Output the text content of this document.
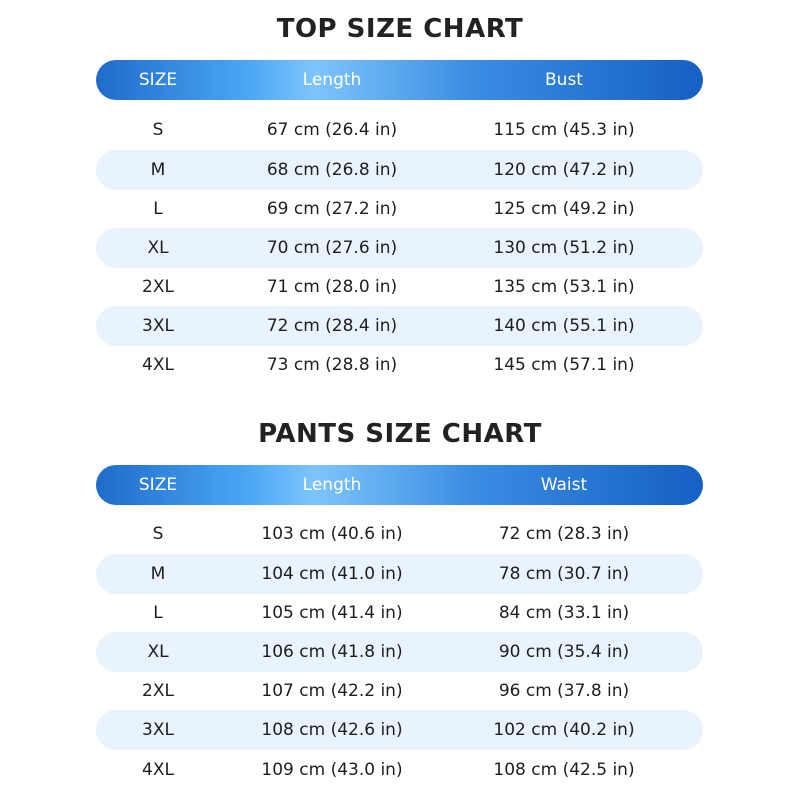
TOP SIZE CHART
SIZE	Length	Bust
S	67 cm (26.4 in)	115 cm (45.3 in)
M	68 cm (26.8 in)	120 cm (47.2 in)
L	69 cm (27.2 in)	125 cm (49.2 in)
XL	70 cm (27.6 in)	130 cm (51.2 in)
2XL	71 cm (28.0 in)	135 cm (53.1 in)
3XL	72 cm (28.4 in)	140 cm (55.1 in)
4XL	73 cm (28.8 in)	145 cm (57.1 in)
PANTS SIZE CHART
SIZE	Length	Waist
S	103 cm (40.6 in)	72 cm (28.3 in)
M	104 cm (41.0 in)	78 cm (30.7 in)
L	105 cm (41.4 in)	84 cm (33.1 in)
XL	106 cm (41.8 in)	90 cm (35.4 in)
2XL	107 cm (42.2 in)	96 cm (37.8 in)
3XL	108 cm (42.6 in)	102 cm (40.2 in)
4XL	109 cm (43.0 in)	108 cm (42.5 in)
